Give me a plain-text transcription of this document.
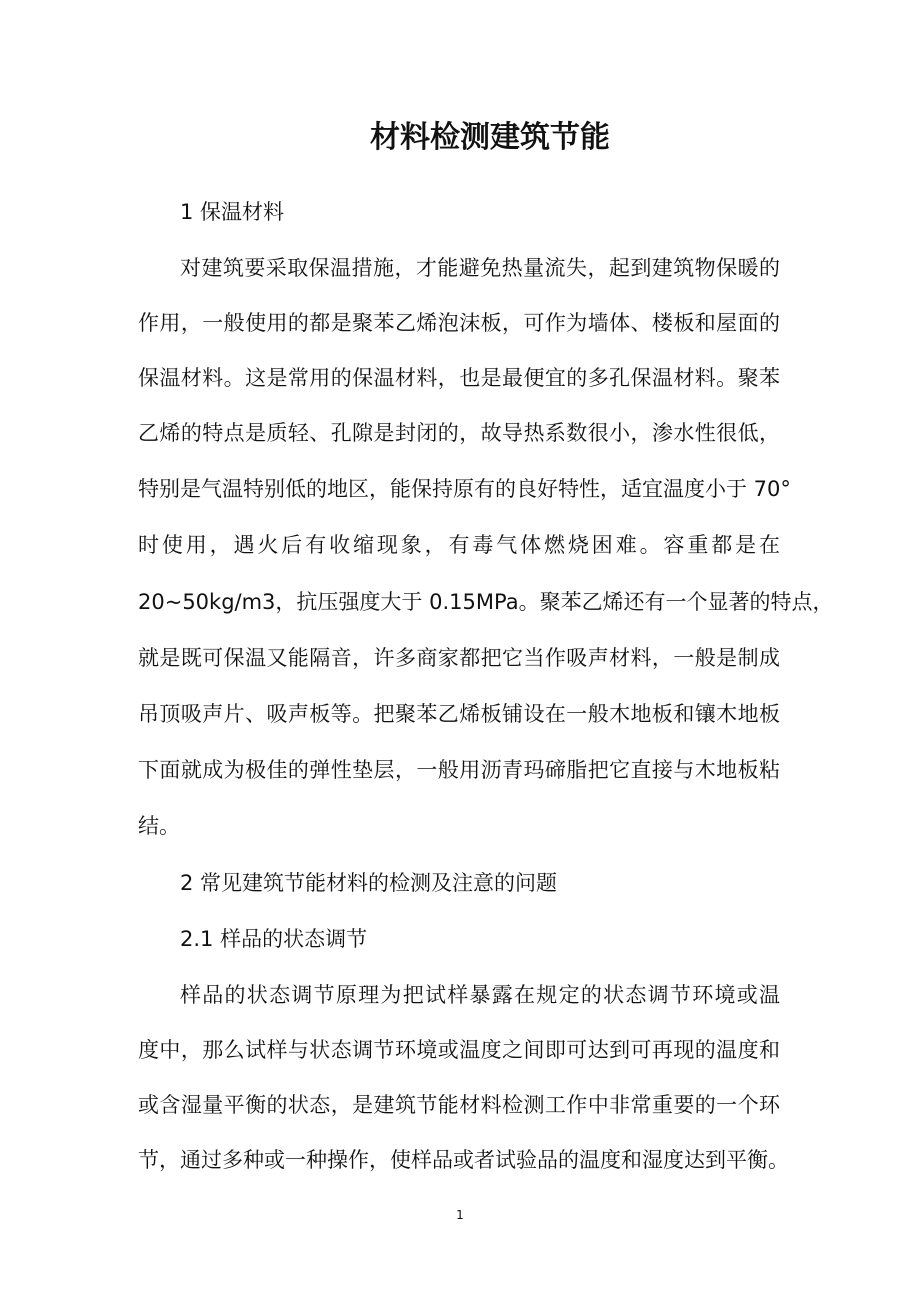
材料检测建筑节能
1 保温材料
对建筑要采取保温措施，才能避免热量流失，起到建筑物保暖的
作用，一般使用的都是聚苯乙烯泡沫板，可作为墙体、楼板和屋面的
保温材料。这是常用的保温材料，也是最便宜的多孔保温材料。聚苯
乙烯的特点是质轻、孔隙是封闭的，故导热系数很小，渗水性很低，
特别是气温特别低的地区，能保持原有的良好特性，适宜温度小于 70°
时使用，遇火后有收缩现象，有毒气体燃烧困难。容重都是在
20~50kg/m3，抗压强度大于 0.15MPa。聚苯乙烯还有一个显著的特点，
就是既可保温又能隔音，许多商家都把它当作吸声材料，一般是制成
吊顶吸声片、吸声板等。把聚苯乙烯板铺设在一般木地板和镶木地板
下面就成为极佳的弹性垫层，一般用沥青玛碲脂把它直接与木地板粘
结。
2 常见建筑节能材料的检测及注意的问题
2.1 样品的状态调节
样品的状态调节原理为把试样暴露在规定的状态调节环境或温
度中，那么试样与状态调节环境或温度之间即可达到可再现的温度和
或含湿量平衡的状态，是建筑节能材料检测工作中非常重要的一个环
节，通过多种或一种操作，使样品或者试验品的温度和湿度达到平衡。
1
